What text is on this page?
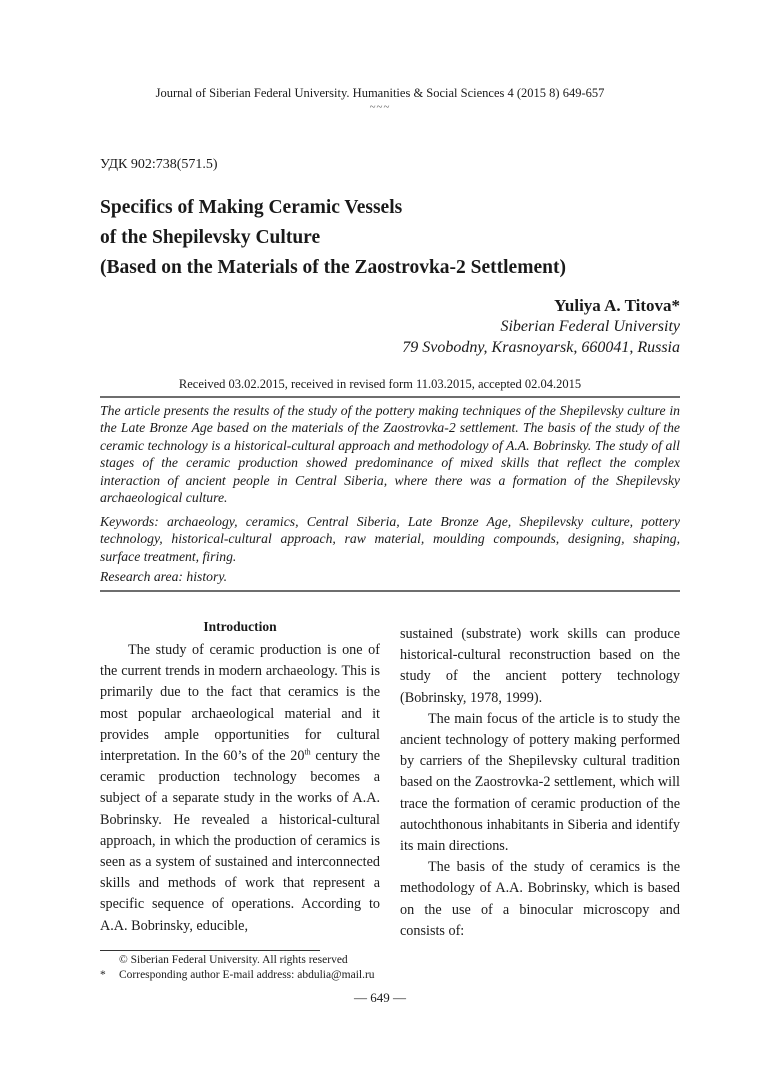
Journal of Siberian Federal University. Humanities & Social Sciences 4 (2015 8) 649-657
~~~
УДК 902:738(571.5)
Specifics of Making Ceramic Vessels
of the Shepilevsky Culture
(Based on the Materials of the Zaostrovka-2 Settlement)
Yuliya A. Titova*
Siberian Federal University
79 Svobodny, Krasnoyarsk, 660041, Russia
Received 03.02.2015, received in revised form 11.03.2015, accepted 02.04.2015
The article presents the results of the study of the pottery making techniques of the Shepilevsky culture in the Late Bronze Age based on the materials of the Zaostrovka-2 settlement. The basis of the study of the ceramic technology is a historical-cultural approach and methodology of A.A. Bobrinsky. The study of all stages of the ceramic production showed predominance of mixed skills that reflect the complex interaction of ancient people in Central Siberia, where there was a formation of the Shepilevsky archaeological culture.
Keywords: archaeology, ceramics, Central Siberia, Late Bronze Age, Shepilevsky culture, pottery technology, historical-cultural approach, raw material, moulding compounds, designing, shaping, surface treatment, firing.
Research area: history.

Introduction

The study of ceramic production is one of the current trends in modern archaeology. This is primarily due to the fact that ceramics is the most popular archaeological material and it provides ample opportunities for cultural interpretation. In the 60’s of the 20th century the ceramic production technology becomes a subject of a separate study in the works of A.A. Bobrinsky. He revealed a historical-cultural approach, in which the production of ceramics is seen as a system of sustained and interconnected skills and methods of work that represent a specific sequence of operations. According to A.A. Bobrinsky, educible,

sustained (substrate) work skills can produce historical-cultural reconstruction based on the study of the ancient pottery technology (Bobrinsky, 1978, 1999).

The main focus of the article is to study the ancient technology of pottery making performed by carriers of the Shepilevsky cultural tradition based on the Zaostrovka-2 settlement, which will trace the formation of ceramic production of the autochthonous inhabitants in Siberia and identify its main directions.

The basis of the study of ceramics is the methodology of A.A. Bobrinsky, which is based on the use of a binocular microscopy and consists of:

© Siberian Federal University. All rights reserved
*	Corresponding author E-mail address: abdulia@mail.ru
— 649 —
